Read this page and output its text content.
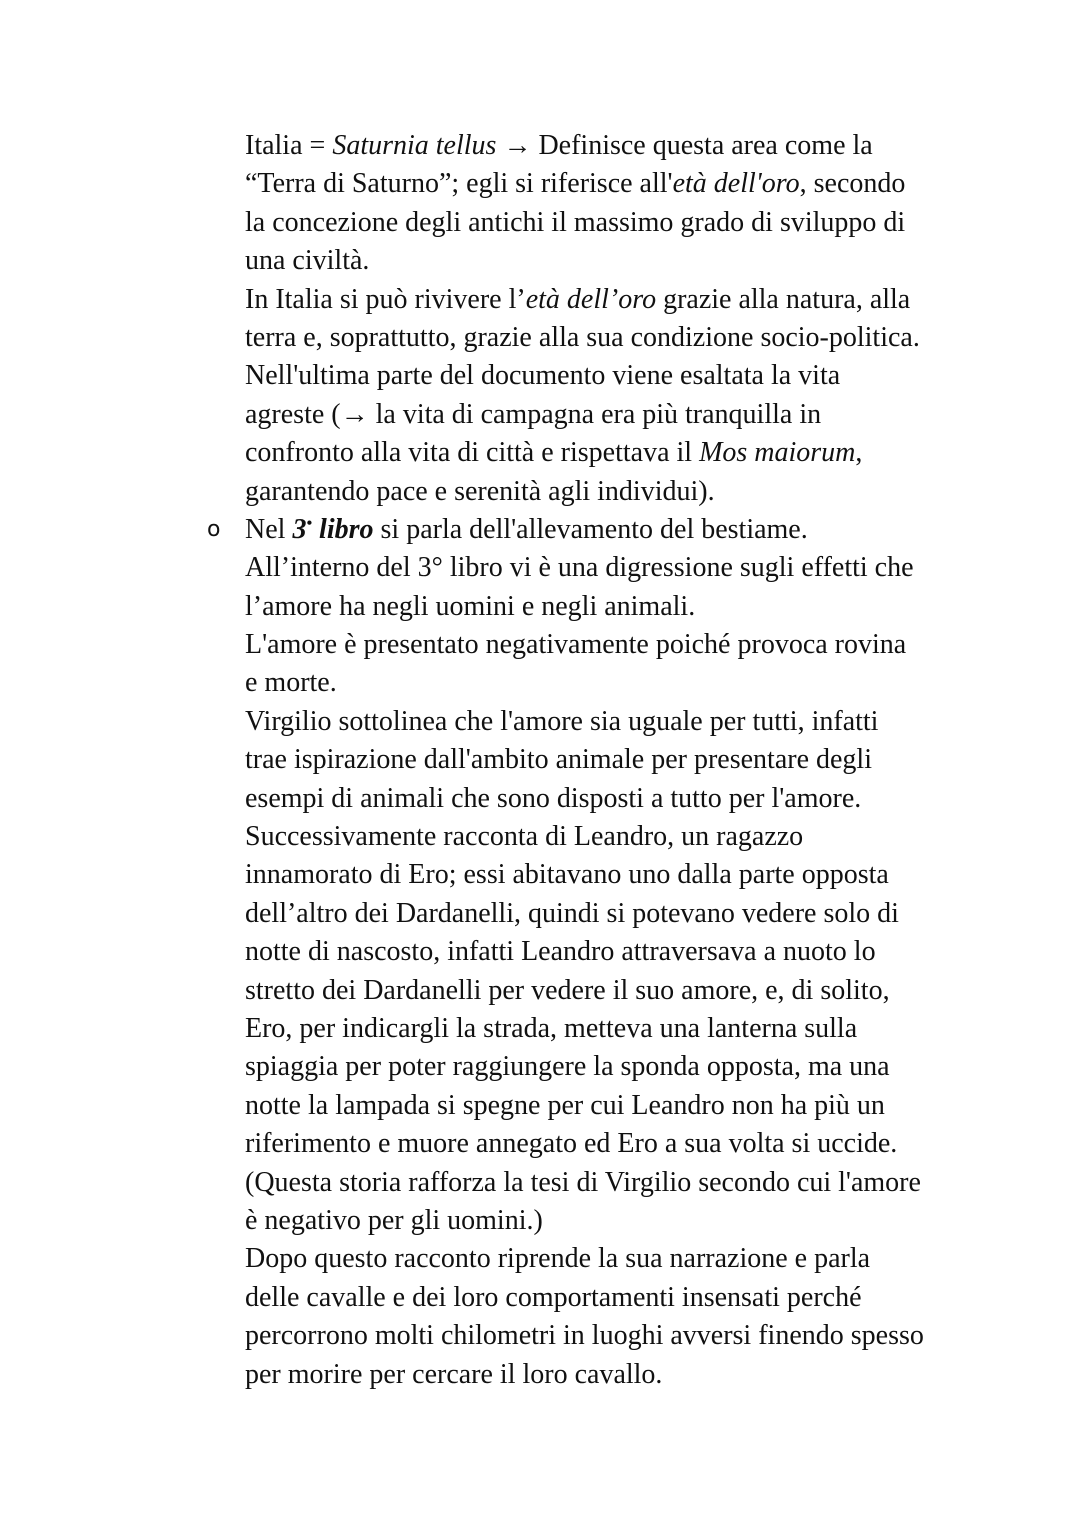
Italia = Saturnia tellus → Definisce questa area come la
“Terra di Saturno”; egli si riferisce all'età dell'oro, secondo
la concezione degli antichi il massimo grado di sviluppo di
una civiltà.
In Italia si può rivivere l’età dell’oro grazie alla natura, alla
terra e, soprattutto, grazie alla sua condizione socio-politica.
Nell'ultima parte del documento viene esaltata la vita
agreste (→ la vita di campagna era più tranquilla in
confronto alla vita di città e rispettava il Mos maiorum,
garantendo pace e serenità agli individui).
o Nel 3• libro si parla dell'allevamento del bestiame.
All’interno del 3° libro vi è una digressione sugli effetti che
l’amore ha negli uomini e negli animali.
L'amore è presentato negativamente poiché provoca rovina
e morte.
Virgilio sottolinea che l'amore sia uguale per tutti, infatti
trae ispirazione dall'ambito animale per presentare degli
esempi di animali che sono disposti a tutto per l'amore.
Successivamente racconta di Leandro, un ragazzo
innamorato di Ero; essi abitavano uno dalla parte opposta
dell’altro dei Dardanelli, quindi si potevano vedere solo di
notte di nascosto, infatti Leandro attraversava a nuoto lo
stretto dei Dardanelli per vedere il suo amore, e, di solito,
Ero, per indicargli la strada, metteva una lanterna sulla
spiaggia per poter raggiungere la sponda opposta, ma una
notte la lampada si spegne per cui Leandro non ha più un
riferimento e muore annegato ed Ero a sua volta si uccide.
(Questa storia rafforza la tesi di Virgilio secondo cui l'amore
è negativo per gli uomini.)
Dopo questo racconto riprende la sua narrazione e parla
delle cavalle e dei loro comportamenti insensati perché
percorrono molti chilometri in luoghi avversi finendo spesso
per morire per cercare il loro cavallo.
